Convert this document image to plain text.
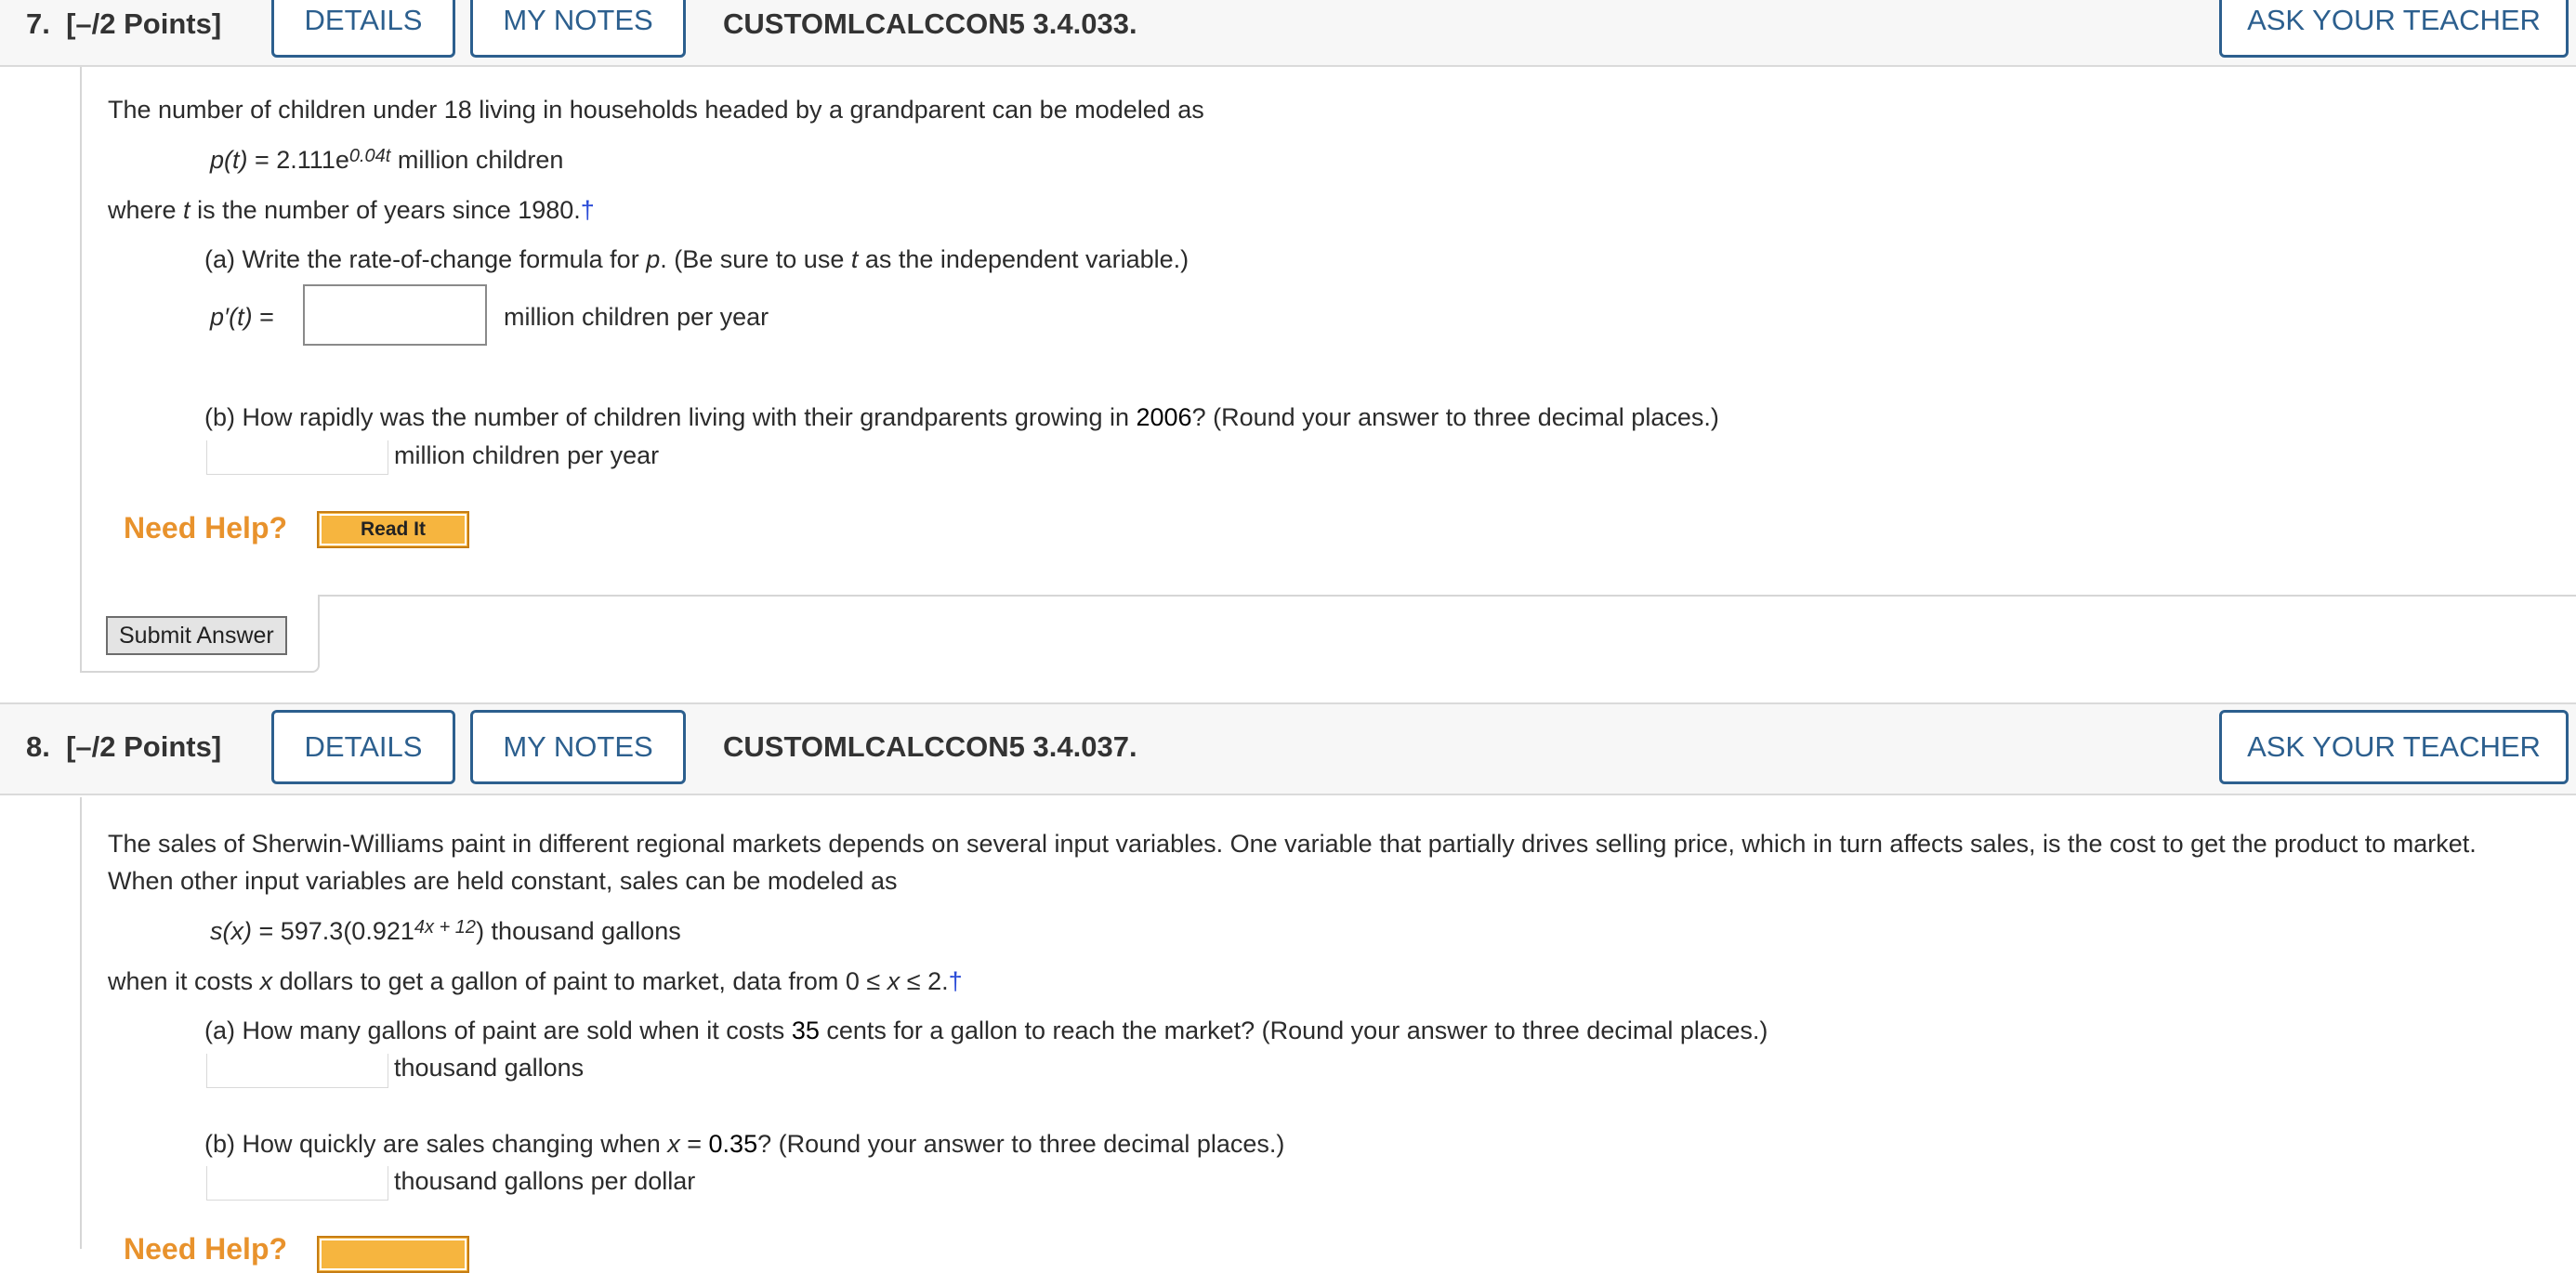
7. [–/2 Points]	DETAILS	MY NOTES	CUSTOMLCALCCON5 3.4.033.	ASK YOUR TEACHER
The number of children under 18 living in households headed by a grandparent can be modeled as
$p(t) = 2.111e^{0.04t}$ million children
where t is the number of years since 1980.†
(a) Write the rate-of-change formula for p. (Be sure to use t as the independent variable.)
p′(t) =	million children per year
(b) How rapidly was the number of children living with their grandparents growing in 2006? (Round your answer to three decimal places.)
million children per year
Need Help?	Read It
Submit Answer
8. [–/2 Points]	DETAILS	MY NOTES	CUSTOMLCALCCON5 3.4.037.	ASK YOUR TEACHER
The sales of Sherwin-Williams paint in different regional markets depends on several input variables. One variable that partially drives selling price, which in turn affects sales, is the cost to get the product to market. When other input variables are held constant, sales can be modeled as
$s(x) = 597.3(0.921^{4x + 12})$ thousand gallons
when it costs x dollars to get a gallon of paint to market, data from 0 ≤ x ≤ 2.†
(a) How many gallons of paint are sold when it costs 35 cents for a gallon to reach the market? (Round your answer to three decimal places.)
thousand gallons
(b) How quickly are sales changing when x = 0.35? (Round your answer to three decimal places.)
thousand gallons per dollar
Need Help?
